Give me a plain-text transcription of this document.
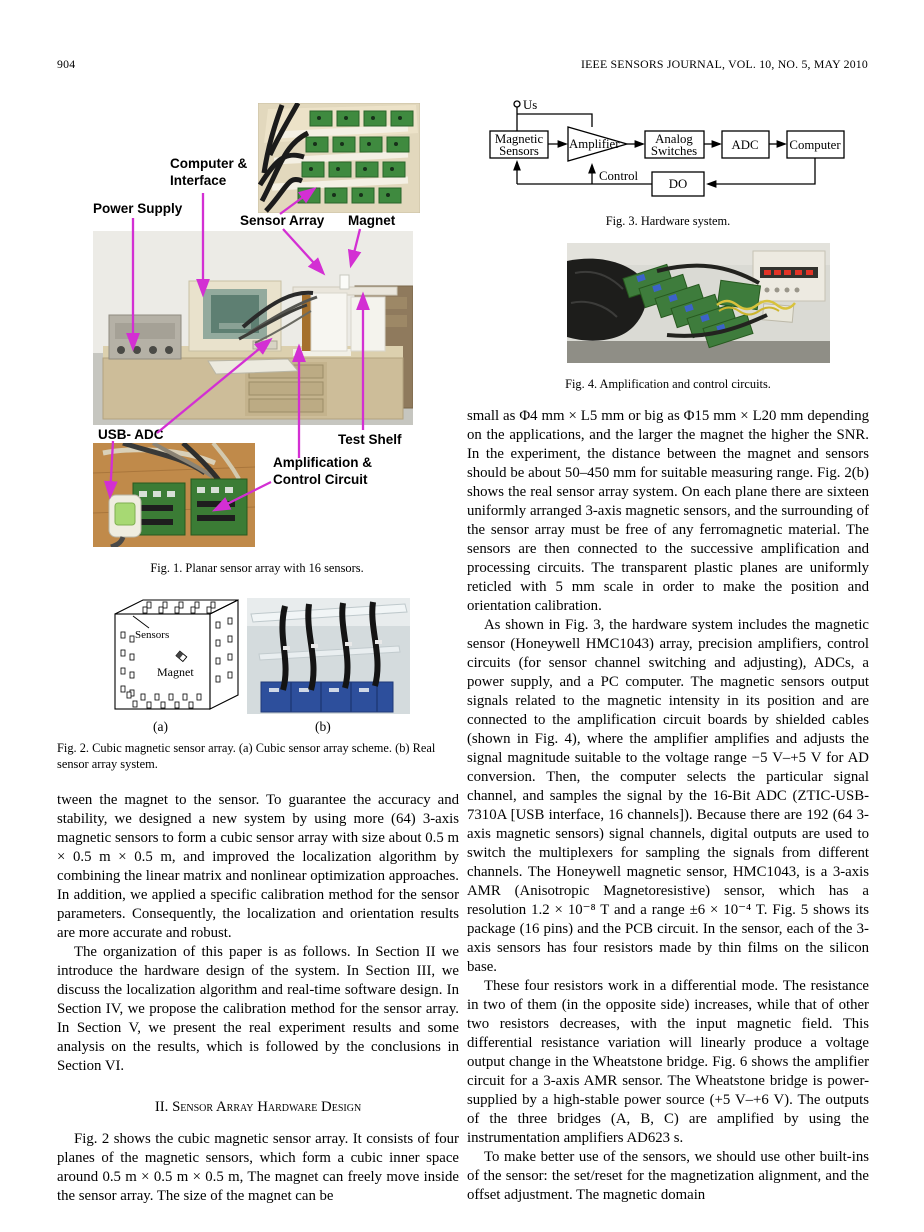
904	IEEE SENSORS JOURNAL, VOL. 10, NO. 5, MAY 2010
Computer & Interface
Power Supply
Sensor Array Magnet
USB- ADC	Test Shelf
Amplification & Control Circuit
Fig. 1. Planar sensor array with 16 sensors.
Sensors
Magnet
(a)	(b)
Fig. 2. Cubic magnetic sensor array. (a) Cubic sensor array scheme. (b) Real sensor array system.

tween the magnet to the sensor. To guarantee the accuracy and stability, we designed a new system by using more (64) 3-axis magnetic sensors to form a cubic sensor array with size about 0.5 m × 0.5 m × 0.5 m, and improved the localization algorithm by combining the linear matrix and nonlinear optimization approaches. In addition, we applied a specific calibration method for the sensor parameters. Consequently, the localization and orientation results are more accurate and robust.

The organization of this paper is as follows. In Section II we introduce the hardware design of the system. In Section III, we discuss the localization algorithm and real-time software design. In Section IV, we propose the calibration method for the sensor array. In Section V, we present the real experiment results and some analysis on the results, which is followed by the conclusions in Section VI.

II. Sensor Array Hardware Design

Fig. 2 shows the cubic magnetic sensor array. It consists of four planes of the magnetic sensors, which form a cubic inner space around 0.5 m × 0.5 m × 0.5 m, The magnet can freely move inside the sensor array. The size of the magnet can be

Us
Magnetic
Sensors Amplifier	Analog
Switches	ADC Computer
DO
Control
Fig. 3. Hardware system.
Fig. 4. Amplification and control circuits.

small as Φ4 mm × L5 mm or big as Φ15 mm × L20 mm depending on the applications, and the larger the magnet the higher the SNR. In the experiment, the distance between the magnet and sensors should be about 50–450 mm for suitable measuring range. Fig. 2(b) shows the real sensor array system. On each plane there are sixteen uniformly arranged 3-axis magnetic sensors, and the surrounding of the sensor array must be free of any ferromagnetic material. The sensors are then connected to the successive amplification and processing circuits. The transparent plastic planes are uniformly reticled with 5 mm scale in order to make the position and orientation calibration.

As shown in Fig. 3, the hardware system includes the magnetic sensor (Honeywell HMC1043) array, precision amplifiers, control circuits (for sensor channel switching and adjusting), ADCs, a power supply, and a PC computer. The magnetic sensors output signals related to the magnetic intensity in its position and are connected to the amplification circuit boards by shielded cables (shown in Fig. 4), where the amplifier amplifies and adjusts the signal magnitude suitable to the voltage range −5 V–+5 V for AD conversion. Then, the computer selects the particular signal channel, and samples the signal by the 16-Bit ADC (ZTIC-USB-7310A [USB interface, 16 channels]). Because there are 192 (64 3-axis magnetic sensors) signal channels, digital outputs are used to switch the multiplexers for sampling the signals from different channels. The Honeywell magnetic sensor, HMC1043, is a 3-axis AMR (Anisotropic Magnetoresistive) sensor, which has a resolution 1.2 × 10⁻⁸ T and a range ±6 × 10⁻⁴ T. Fig. 5 shows its package (16 pins) and the PCB circuit. In the sensor, each of the 3-axis sensors has four resistors made by thin films on the silicon base.

These four resistors work in a differential mode. The resistance in two of them (in the opposite side) increases, while that of other two resistors decreases, with the input magnetic field. This differential resistance variation will linearly produce a voltage output change in the Wheatstone bridge. Fig. 6 shows the amplifier circuit for a 3-axis AMR sensor. The Wheatstone bridge is power-supplied by a high-stable power source (+5 V–+6 V). The outputs of the three bridges (A, B, C) are amplified by using the instrumentation amplifiers AD623 s.

To make better use of the sensors, we should use other built-ins of the sensor: the set/reset for the magnetization alignment, and the offset adjustment. The magnetic domain
